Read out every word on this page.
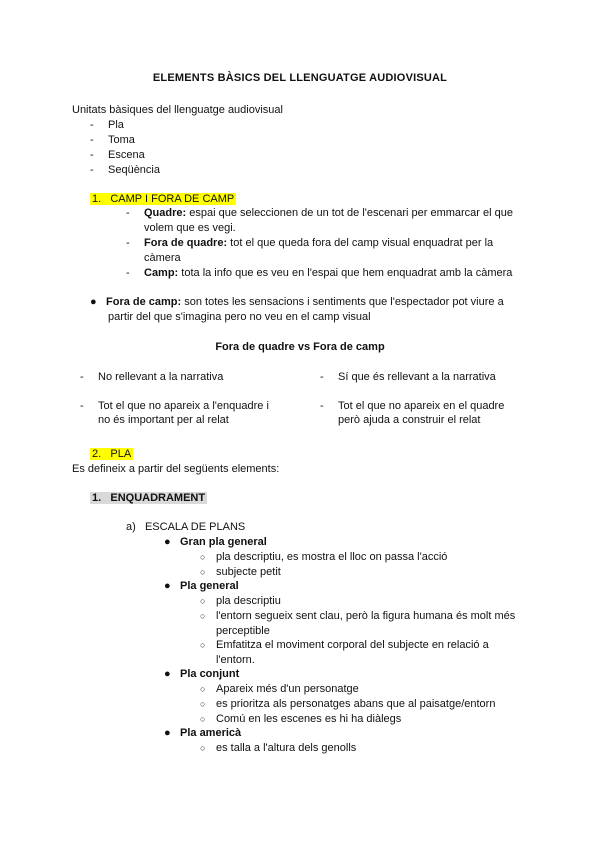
ELEMENTS BÀSICS DEL LLENGUATGE AUDIOVISUAL
Unitats bàsiques del llenguatge audiovisual
- Pla
- Toma
- Escena
- Seqüència
1. CAMP I FORA DE CAMP
- Quadre: espai que seleccionen de un tot de l'escenari per emmarcar el que
volem que es vegi.
- Fora de quadre: tot el que queda fora del camp visual enquadrat per la
càmera
- Camp: tota la info que es veu en l'espai que hem enquadrat amb la càmera
● Fora de camp: son totes les sensacions i sentiments que l'espectador pot viure a
partir del que s'imagina pero no veu en el camp visual
Fora de quadre vs Fora de camp
- No rellevant a la narrativa
- Tot el que no apareix a l'enquadre i
no és important per al relat
- Sí que és rellevant a la narrativa
- Tot el que no apareix en el quadre
però ajuda a construir el relat
2. PLA
Es defineix a partir del següents elements:
1. ENQUADRAMENT
a) ESCALA DE PLANS
● Gran pla general
○ pla descriptiu, es mostra el lloc on passa l'acció
○ subjecte petit
● Pla general
○ pla descriptiu
○ l'entorn segueix sent clau, però la figura humana és molt més
perceptible
○ Emfatitza el moviment corporal del subjecte en relació a
l'entorn.
● Pla conjunt
○ Apareix més d'un personatge
○ es prioritza als personatges abans que al paisatge/entorn
○ Comú en les escenes es hi ha diàlegs
● Pla americà
○ es talla a l'altura dels genolls
